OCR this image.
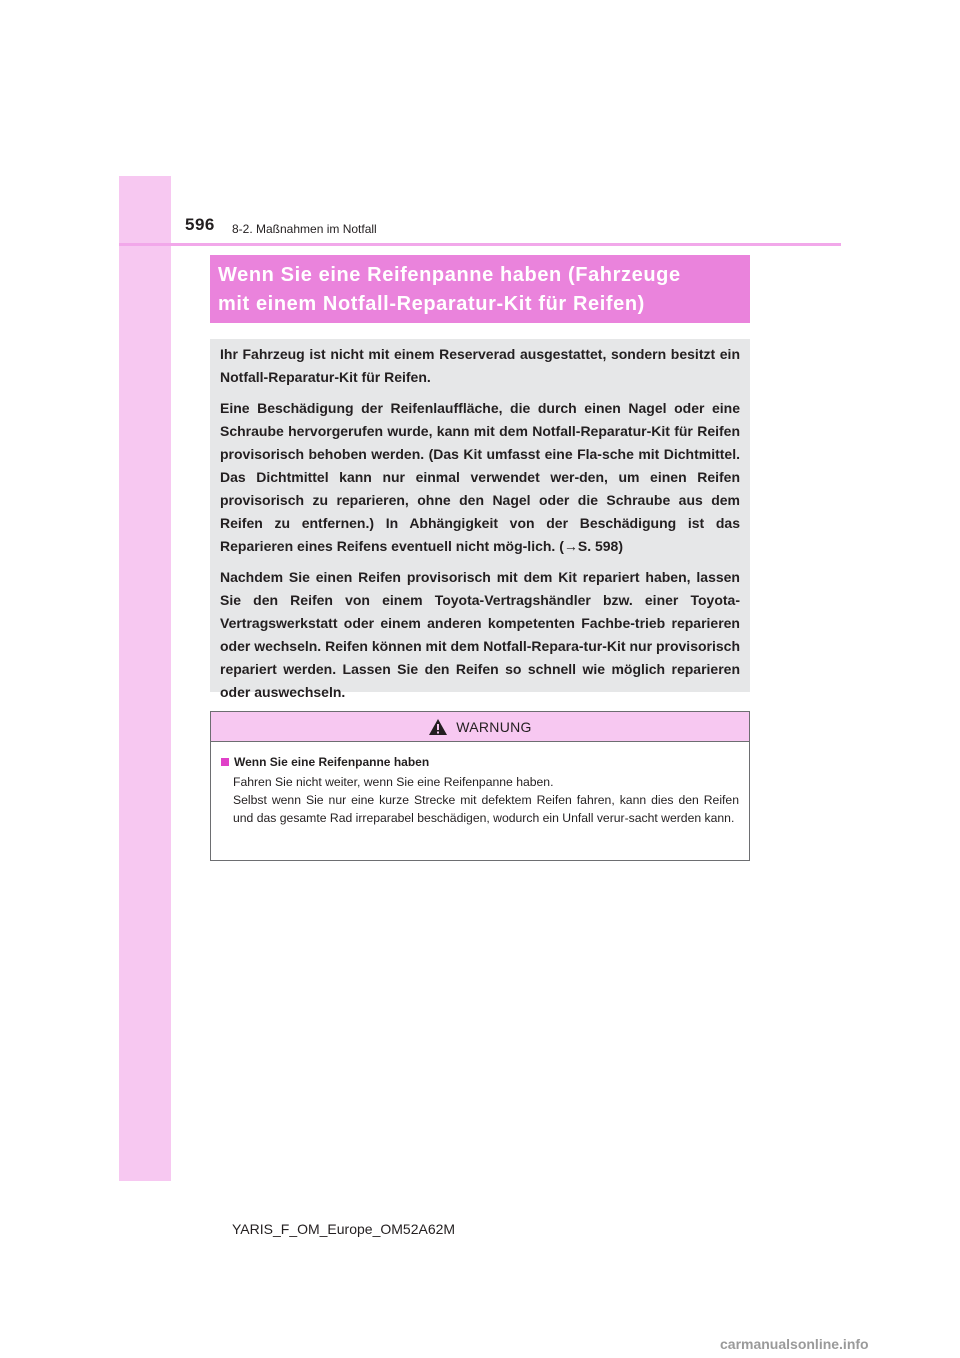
596 8-2. Maßnahmen im Notfall
Wenn Sie eine Reifenpanne haben (Fahrzeuge
mit einem Notfall-Reparatur-Kit für Reifen)

Ihr Fahrzeug ist nicht mit einem Reserverad ausgestattet, sondern besitzt ein Notfall-Reparatur-Kit für Reifen.

Eine Beschädigung der Reifenlauffläche, die durch einen Nagel oder eine Schraube hervorgerufen wurde, kann mit dem Notfall-Reparatur-Kit für Reifen provisorisch behoben werden. (Das Kit umfasst eine Fla-sche mit Dichtmittel. Das Dichtmittel kann nur einmal verwendet wer-den, um einen Reifen provisorisch zu reparieren, ohne den Nagel oder die Schraube aus dem Reifen zu entfernen.) In Abhängigkeit von der Beschädigung ist das Reparieren eines Reifens eventuell nicht mög-lich. (→S. 598)

Nachdem Sie einen Reifen provisorisch mit dem Kit repariert haben, lassen Sie den Reifen von einem Toyota-Vertragshändler bzw. einer Toyota-Vertragswerkstatt oder einem anderen kompetenten Fachbe-trieb reparieren oder wechseln. Reifen können mit dem Notfall-Repara-tur-Kit nur provisorisch repariert werden. Lassen Sie den Reifen so schnell wie möglich reparieren oder auswechseln.

WARNUNG
Wenn Sie eine Reifenpanne haben
Fahren Sie nicht weiter, wenn Sie eine Reifenpanne haben.
Selbst wenn Sie nur eine kurze Strecke mit defektem Reifen fahren, kann dies den Reifen und das gesamte Rad irreparabel beschädigen, wodurch ein Unfall verur-sacht werden kann.
YARIS_F_OM_Europe_OM52A62M
carmanualsonline.info
